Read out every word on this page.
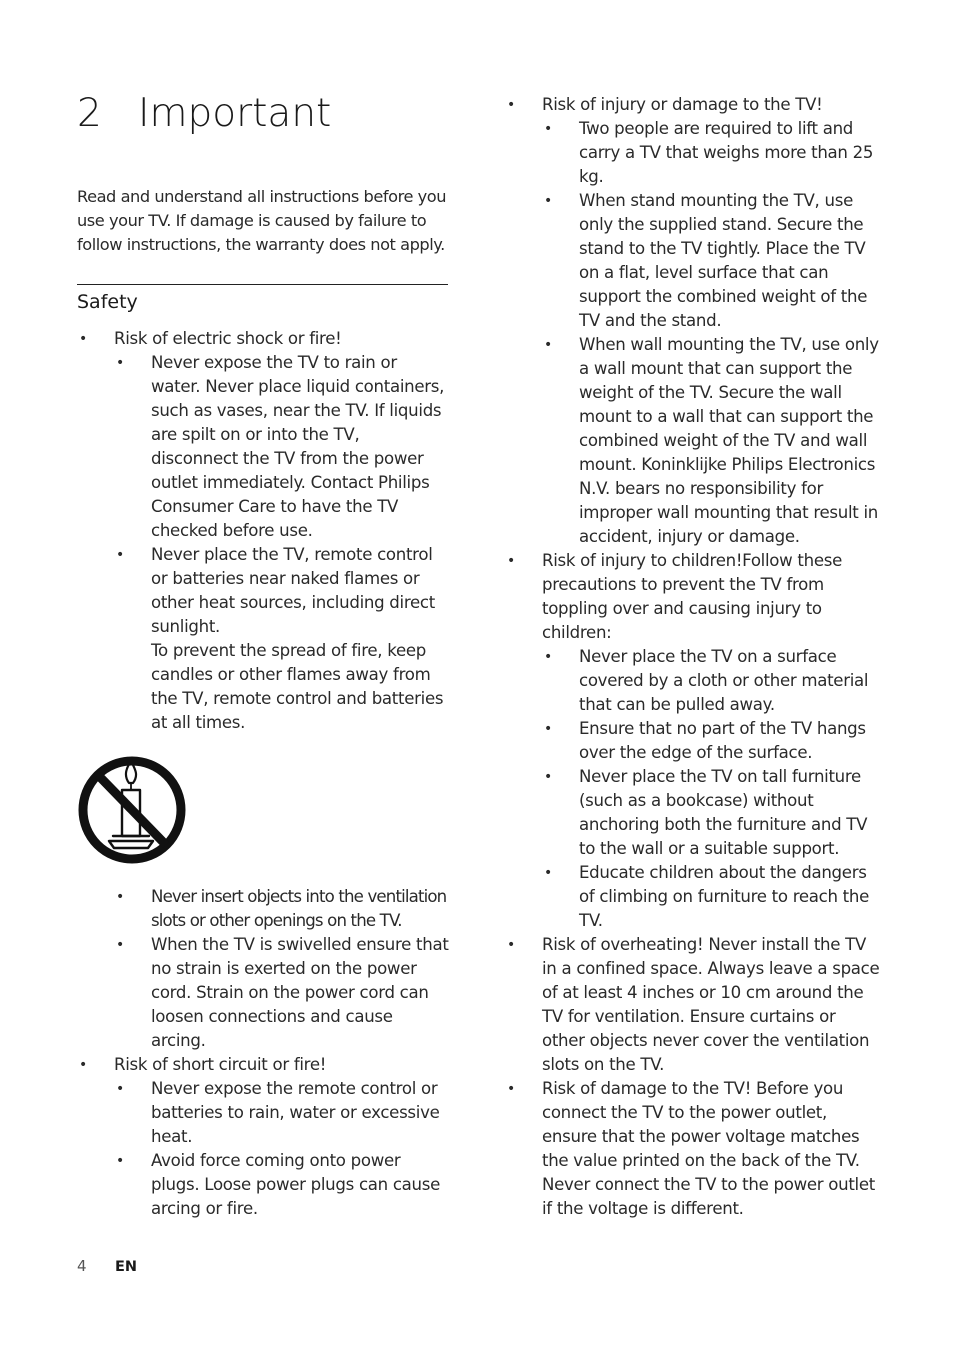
2 Important

Read and understand all instructions before you use your TV. If damage is caused by failure to follow instructions, the warranty does not apply.

Safety
• Risk of electric shock or fire!
• Never expose the TV to rain or water. Never place liquid containers, such as vases, near the TV. If liquids are spilt on or into the TV, disconnect the TV from the power outlet immediately. Contact Philips Consumer Care to have the TV checked before use.
• Never place the TV, remote control or batteries near naked flames or other heat sources, including direct sunlight.
To prevent the spread of fire, keep candles or other flames away from the TV, remote control and batteries at all times.
• Never insert objects into the ventilation slots or other openings on the TV.
• When the TV is swivelled ensure that no strain is exerted on the power cord. Strain on the power cord can loosen connections and cause arcing.
• Risk of short circuit or fire!
• Never expose the remote control or batteries to rain, water or excessive heat.
• Avoid force coming onto power plugs. Loose power plugs can cause arcing or fire.
• Risk of injury or damage to the TV!
• Two people are required to lift and carry a TV that weighs more than 25 kg.
• When stand mounting the TV, use only the supplied stand. Secure the stand to the TV tightly. Place the TV on a flat, level surface that can support the combined weight of the TV and the stand.
• When wall mounting the TV, use only a wall mount that can support the weight of the TV. Secure the wall mount to a wall that can support the combined weight of the TV and wall mount. Koninklijke Philips Electronics N.V. bears no responsibility for improper wall mounting that result in accident, injury or damage.
• Risk of injury to children!Follow these precautions to prevent the TV from toppling over and causing injury to children:
• Never place the TV on a surface covered by a cloth or other material that can be pulled away.
• Ensure that no part of the TV hangs over the edge of the surface.
• Never place the TV on tall furniture (such as a bookcase) without anchoring both the furniture and TV to the wall or a suitable support.
• Educate children about the dangers of climbing on furniture to reach the TV.
• Risk of overheating! Never install the TV in a confined space. Always leave a space of at least 4 inches or 10 cm around the TV for ventilation. Ensure curtains or other objects never cover the ventilation slots on the TV.
• Risk of damage to the TV! Before you connect the TV to the power outlet, ensure that the power voltage matches the value printed on the back of the TV. Never connect the TV to the power outlet if the voltage is different.
4 EN
